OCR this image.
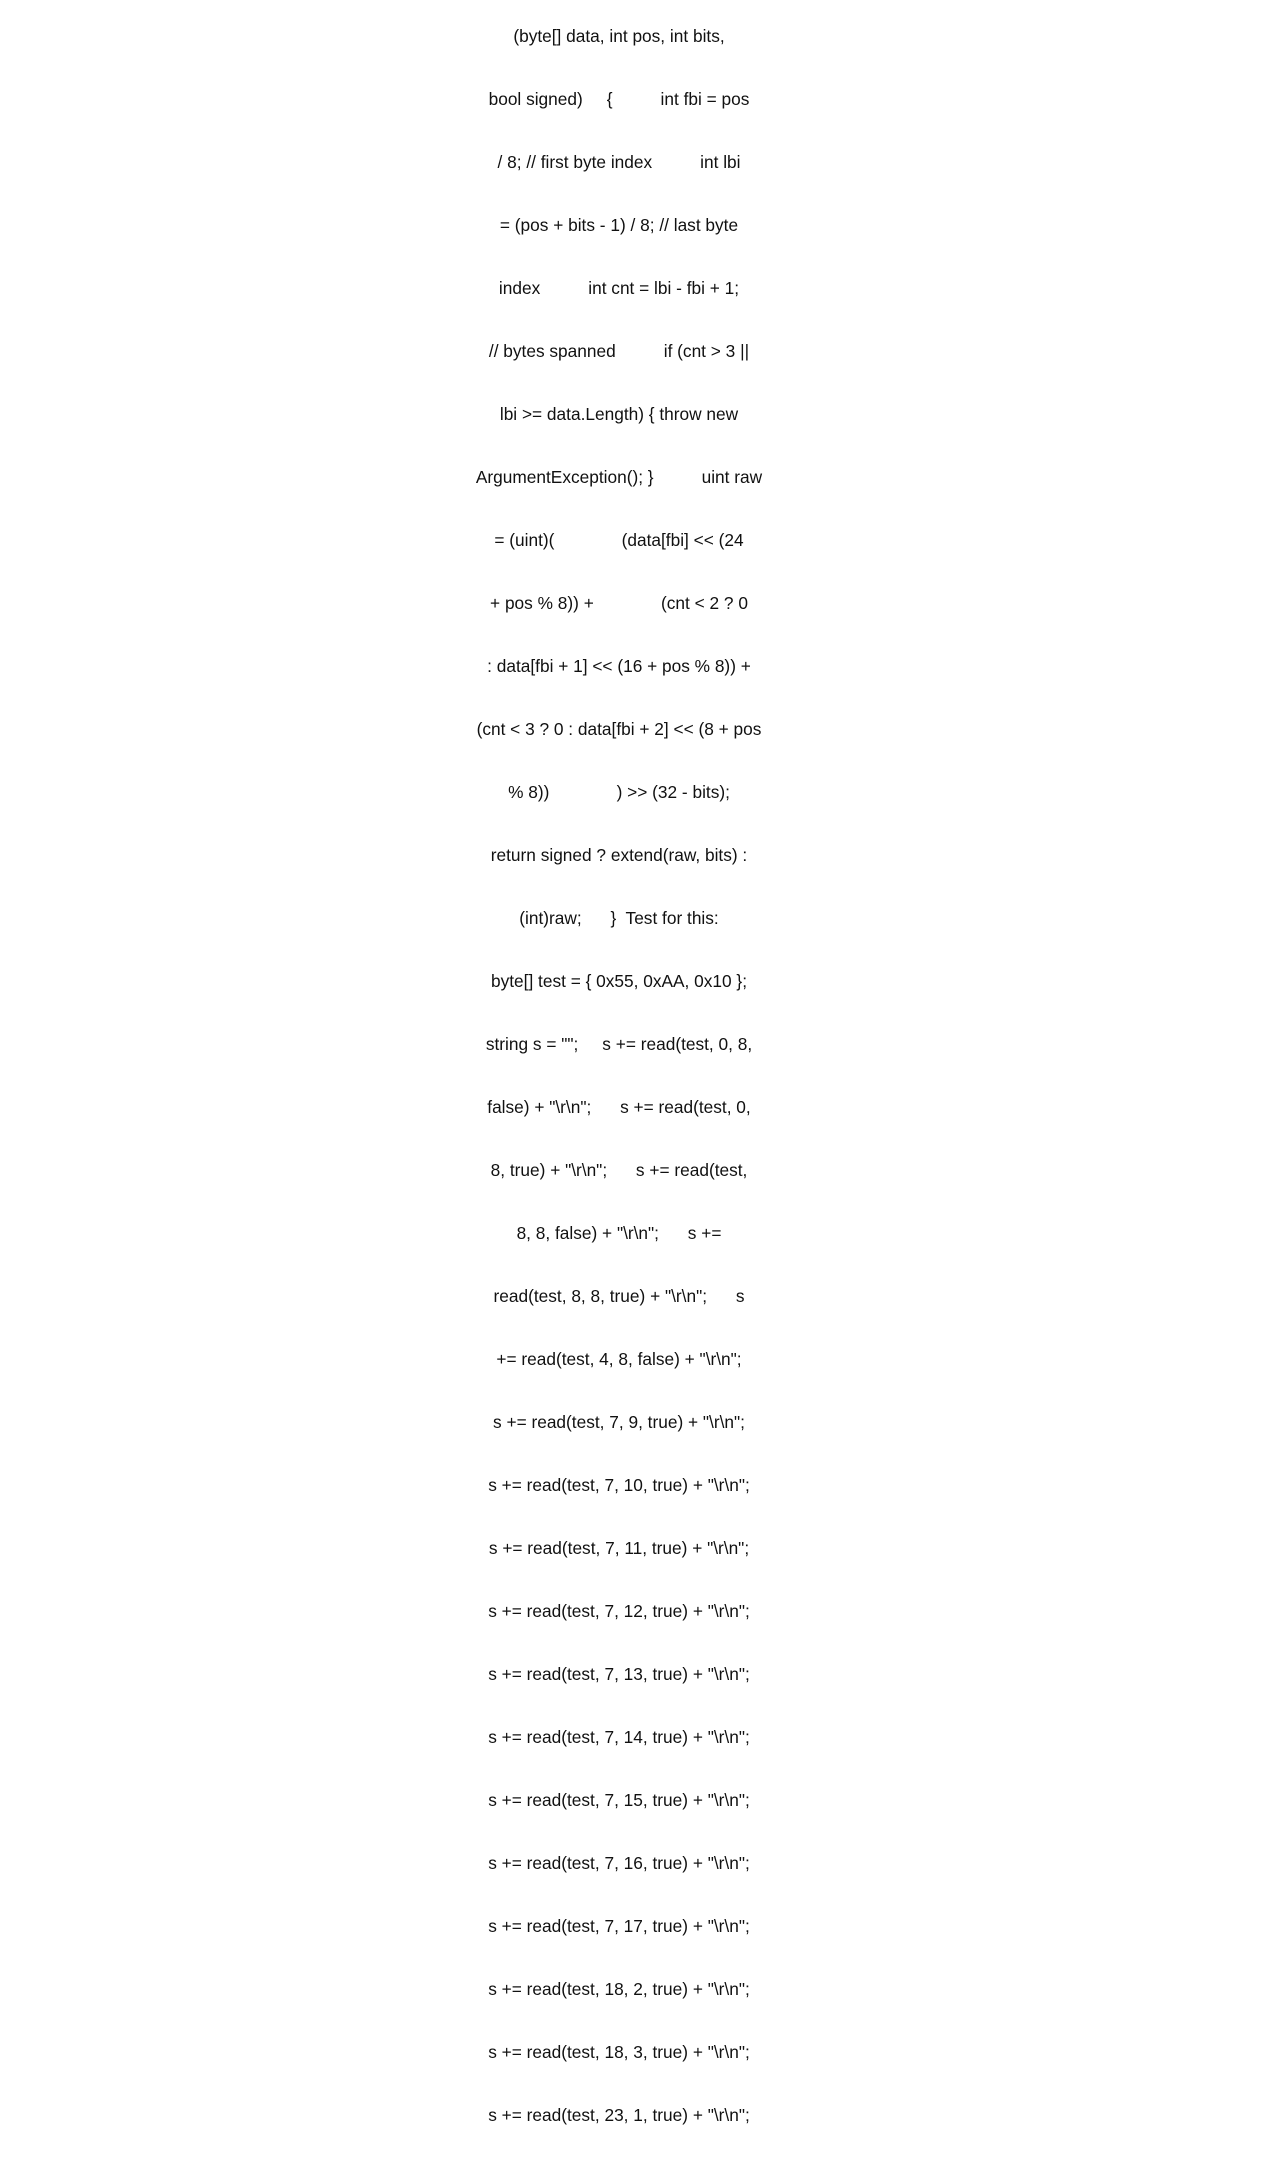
(byte[] data, int pos, int bits,

bool signed)     {          int fbi = pos

/ 8; // first byte index          int lbi

= (pos + bits - 1) / 8; // last byte

index          int cnt = lbi - fbi + 1;

// bytes spanned          if (cnt > 3 ||

lbi >= data.Length) { throw new

ArgumentException(); }          uint raw

= (uint)(              (data[fbi] << (24

+ pos % 8)) +              (cnt < 2 ? 0

: data[fbi + 1] << (16 + pos % 8)) +

(cnt < 3 ? 0 : data[fbi + 2] << (8 + pos

% 8))              ) >> (32 - bits);

return signed ? extend(raw, bits) :

(int)raw;      }  Test for this:

byte[] test = { 0x55, 0xAA, 0x10 };

string s = "";     s += read(test, 0, 8,

false) + "\r\n";      s += read(test, 0,

8, true) + "\r\n";      s += read(test,

8, 8, false) + "\r\n";      s +=

read(test, 8, 8, true) + "\r\n";      s

+= read(test, 4, 8, false) + "\r\n";

s += read(test, 7, 9, true) + "\r\n";

s += read(test, 7, 10, true) + "\r\n";

s += read(test, 7, 11, true) + "\r\n";

s += read(test, 7, 12, true) + "\r\n";

s += read(test, 7, 13, true) + "\r\n";

s += read(test, 7, 14, true) + "\r\n";

s += read(test, 7, 15, true) + "\r\n";

s += read(test, 7, 16, true) + "\r\n";

s += read(test, 7, 17, true) + "\r\n";

s += read(test, 18, 2, true) + "\r\n";

s += read(test, 18, 3, true) + "\r\n";

s += read(test, 23, 1, true) + "\r\n";
